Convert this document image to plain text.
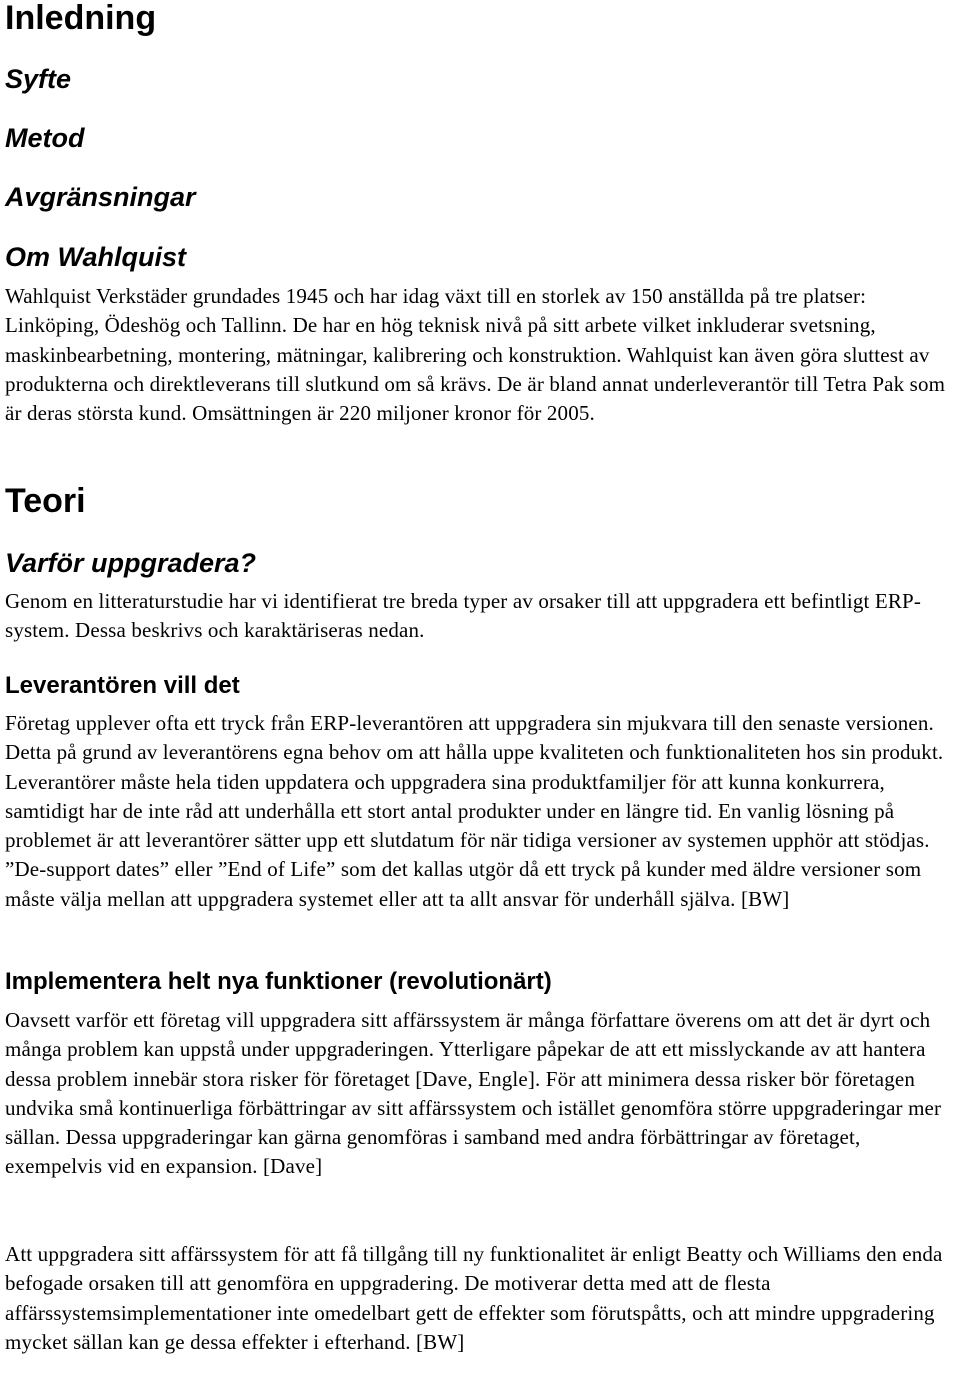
Inledning
Syfte
Metod
Avgränsningar
Om Wahlquist

Wahlquist Verkstäder grundades 1945 och har idag växt till en storlek av 150 anställda på tre platser: Linköping, Ödeshög och Tallinn. De har en hög teknisk nivå på sitt arbete vilket inkluderar svetsning, maskinbearbetning, montering, mätningar, kalibrering och konstruktion. Wahlquist kan även göra sluttest av produkterna och direktleverans till slutkund om så krävs. De är bland annat underleverantör till Tetra Pak som är deras största kund. Omsättningen är 220 miljoner kronor för 2005.

Teori
Varför uppgradera?

Genom en litteraturstudie har vi identifierat tre breda typer av orsaker till att uppgradera ett befintligt ERP-system. Dessa beskrivs och karaktäriseras nedan.

Leverantören vill det

Företag upplever ofta ett tryck från ERP-leverantören att uppgradera sin mjukvara till den senaste versionen. Detta på grund av leverantörens egna behov om att hålla uppe kvaliteten och funktionaliteten hos sin produkt. Leverantörer måste hela tiden uppdatera och uppgradera sina produktfamiljer för att kunna konkurrera, samtidigt har de inte råd att underhålla ett stort antal produkter under en längre tid. En vanlig lösning på problemet är att leverantörer sätter upp ett slutdatum för när tidiga versioner av systemen upphör att stödjas. ”De-support dates” eller ”End of Life” som det kallas utgör då ett tryck på kunder med äldre versioner som måste välja mellan att uppgradera systemet eller att ta allt ansvar för underhåll själva. [BW]

Implementera helt nya funktioner (revolutionärt)

Oavsett varför ett företag vill uppgradera sitt affärssystem är många författare överens om att det är dyrt och många problem kan uppstå under uppgraderingen. Ytterligare påpekar de att ett misslyckande av att hantera dessa problem innebär stora risker för företaget [Dave, Engle]. För att minimera dessa risker bör företagen undvika små kontinuerliga förbättringar av sitt affärssystem och istället genomföra större uppgraderingar mer sällan. Dessa uppgraderingar kan gärna genomföras i samband med andra förbättringar av företaget, exempelvis vid en expansion. [Dave]

Att uppgradera sitt affärssystem för att få tillgång till ny funktionalitet är enligt Beatty och Williams den enda befogade orsaken till att genomföra en uppgradering. De motiverar detta med att de flesta affärssystemsimplementationer inte omedelbart gett de effekter som förutspåtts, och att mindre uppgradering mycket sällan kan ge dessa effekter i efterhand. [BW]
